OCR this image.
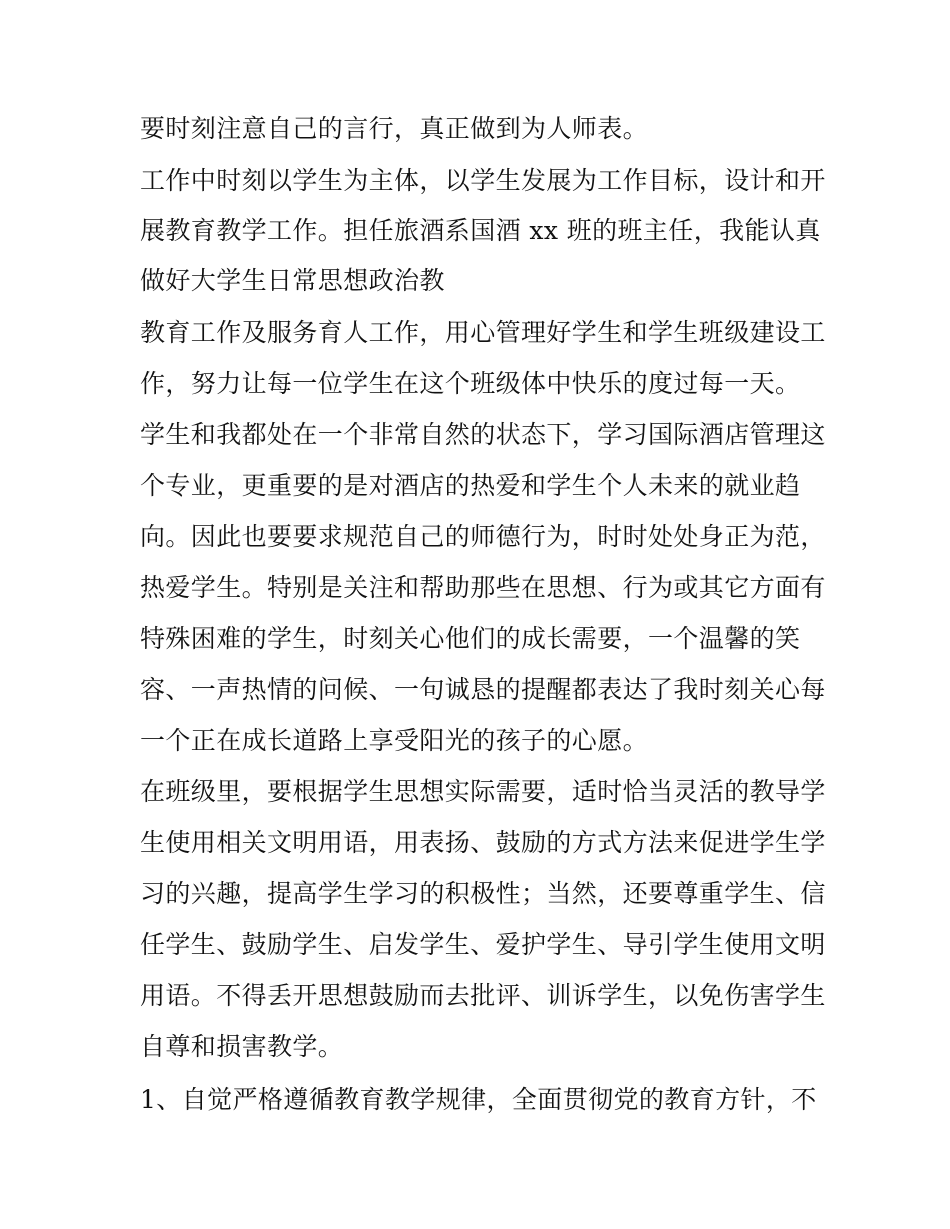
要时刻注意自己的言行，真正做到为人师表。

工作中时刻以学生为主体，以学生发展为工作目标，设计和开

展教育教学工作。担任旅酒系国酒 xx 班的班主任，我能认真

做好大学生日常思想政治教

教育工作及服务育人工作，用心管理好学生和学生班级建设工

作，努力让每一位学生在这个班级体中快乐的度过每一天。

学生和我都处在一个非常自然的状态下，学习国际酒店管理这

个专业，更重要的是对酒店的热爱和学生个人未来的就业趋

向。因此也要要求规范自己的师德行为，时时处处身正为范，

热爱学生。特别是关注和帮助那些在思想、行为或其它方面有

特殊困难的学生，时刻关心他们的成长需要，一个温馨的笑

容、一声热情的问候、一句诚恳的提醒都表达了我时刻关心每

一个正在成长道路上享受阳光的孩子的心愿。

在班级里，要根据学生思想实际需要，适时恰当灵活的教导学

生使用相关文明用语，用表扬、鼓励的方式方法来促进学生学

习的兴趣，提高学生学习的积极性；当然，还要尊重学生、信

任学生、鼓励学生、启发学生、爱护学生、导引学生使用文明

用语。不得丢开思想鼓励而去批评、训诉学生，以免伤害学生

自尊和损害教学。

1、自觉严格遵循教育教学规律，全面贯彻党的教育方针，不
